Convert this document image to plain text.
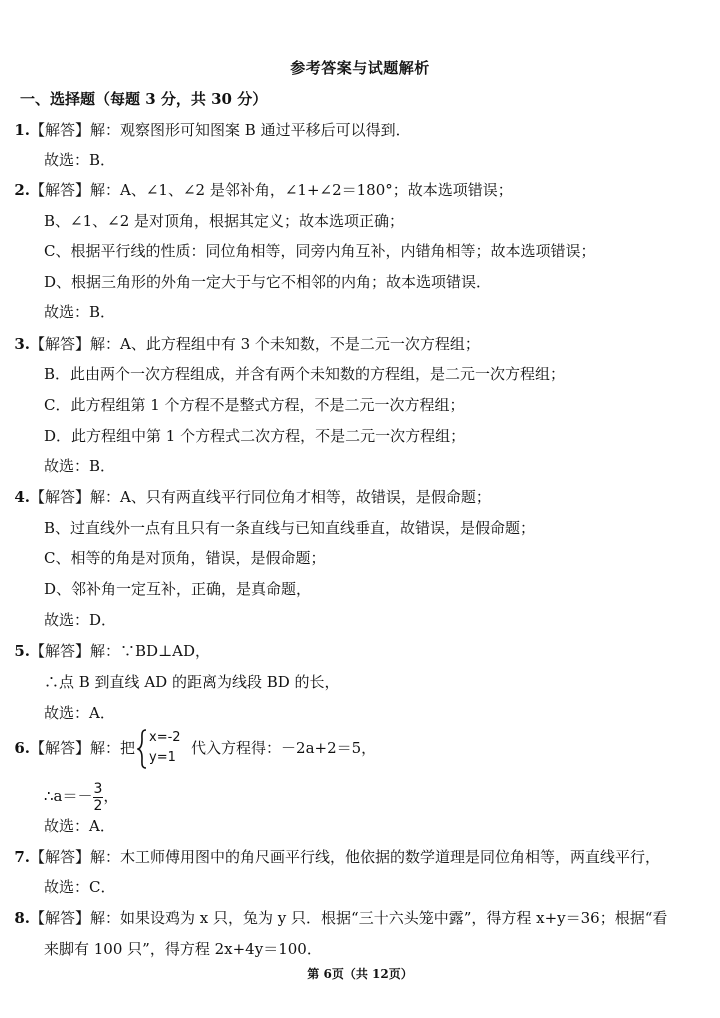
参考答案与试题解析
一、选择题（每题 3 分，共 30 分）
1.【解答】解：观察图形可知图案 B 通过平移后可以得到．
故选：B．
2.【解答】解：A、∠1、∠2 是邻补角，∠1+∠2＝180°；故本选项错误；
B、∠1、∠2 是对顶角，根据其定义；故本选项正确；
C、根据平行线的性质：同位角相等，同旁内角互补，内错角相等；故本选项错误；
D、根据三角形的外角一定大于与它不相邻的内角；故本选项错误．
故选：B．
3.【解答】解：A、此方程组中有 3 个未知数，不是二元一次方程组；
B．此由两个一次方程组成，并含有两个未知数的方程组，是二元一次方程组；
C．此方程组第 1 个方程不是整式方程，不是二元一次方程组；
D．此方程组中第 1 个方程式二次方程，不是二元一次方程组；
故选：B．
4.【解答】解：A、只有两直线平行同位角才相等，故错误，是假命题；
B、过直线外一点有且只有一条直线与已知直线垂直，故错误，是假命题；
C、相等的角是对顶角，错误，是假命题；
D、邻补角一定互补，正确，是真命题，
故选：D．
5.【解答】解：∵BD⊥AD，
∴点 B 到直线 AD 的距离为线段 BD 的长，
故选：A．
6.【解答】解：把
x=-2
y=1
代入方程得：－2a+2＝5，
∴a＝－ $\frac{3}{2}$ ，
故选：A．
7.【解答】解：木工师傅用图中的角尺画平行线，他依据的数学道理是同位角相等，两直线平行，
故选：C．
8.【解答】解：如果设鸡为 x 只，兔为 y 只．根据“三十六头笼中露”，得方程 x+y＝36；根据“看
来脚有 100 只”，得方程 2x+4y＝100．
第 6页（共 12页）
